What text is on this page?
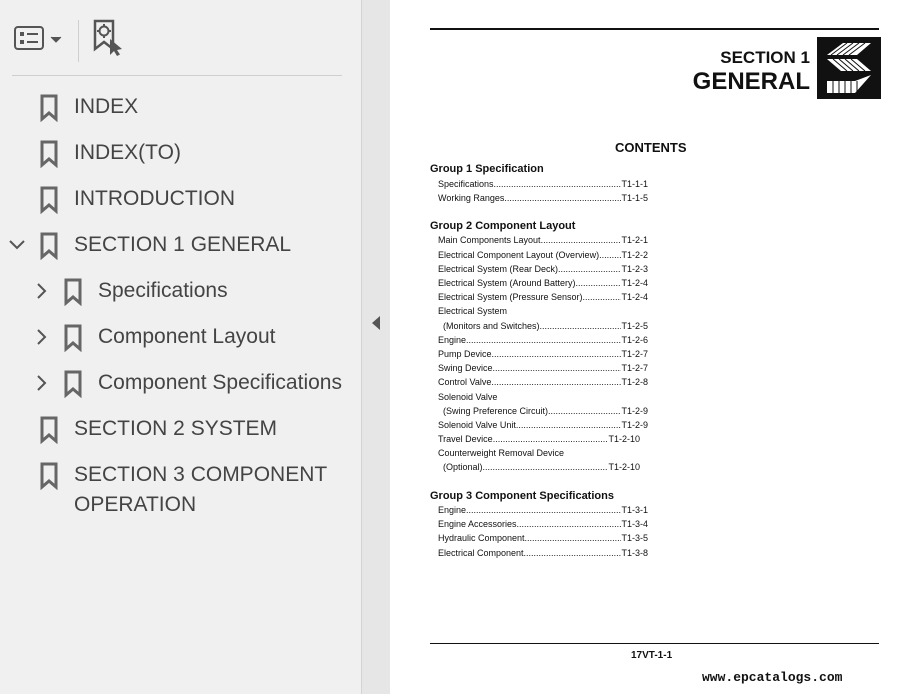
INDEX
INDEX(TO)
INTRODUCTION
SECTION 1 GENERAL
Specifications
Component Layout
Component Specifications
SECTION 2 SYSTEM
SECTION 3 COMPONENT
OPERATION
SECTION 1
GENERAL
CONTENTS
Group 1 Specification
Specifications .....	T1-1-1
Working Ranges .....	T1-1-5
Group 2 Component Layout
Main Components Layout .....	T1-2-1
Electrical Component Layout (Overview) ..... T1-2-2
Electrical System (Rear Deck) .....	T1-2-3
Electrical System (Around Battery) .....	T1-2-4
Electrical System (Pressure Sensor) .....	T1-2-4
Electrical System
(Monitors and Switches) .....	T1-2-5
Engine .....	T1-2-6
Pump Device .....	T1-2-7
Swing Device .....	T1-2-7
Control Valve .....	T1-2-8
Solenoid Valve
(Swing Preference Circuit) .....	T1-2-9
Solenoid Valve Unit .....	T1-2-9
Travel Device .....	T1-2-10
Counterweight Removal Device
(Optional) .....	T1-2-10
Group 3 Component Specifications
Engine .....	T1-3-1
Engine Accessories .....	T1-3-4
Hydraulic Component .....	T1-3-5
Electrical Component .....	T1-3-8
17VT-1-1
www.epcatalogs.com
